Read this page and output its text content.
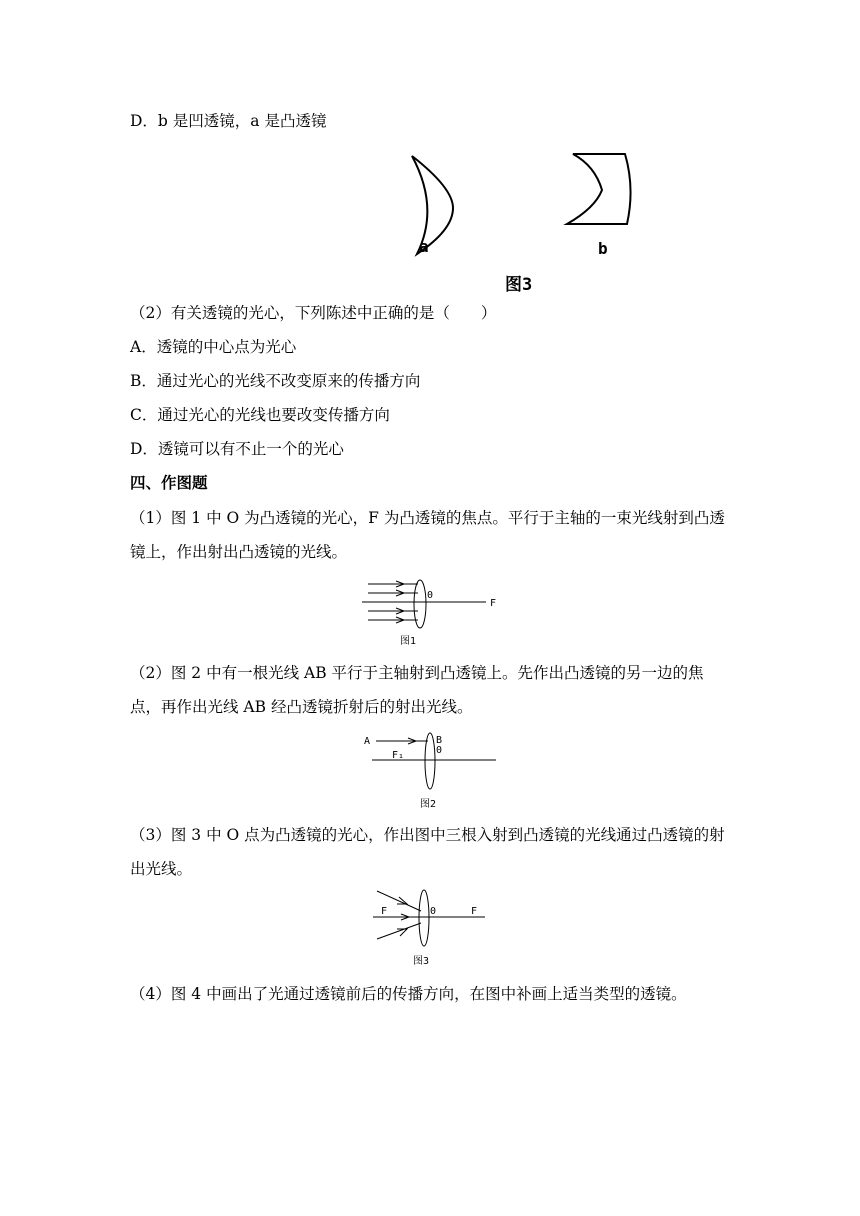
D．b 是凹透镜，a 是凸透镜
a	b
图3
（2）有关透镜的光心，下列陈述中正确的是（　　）
A．透镜的中心点为光心
B．通过光心的光线不改变原来的传播方向
C．通过光心的光线也要改变传播方向
D．透镜可以有不止一个的光心
四、作图题
（1）图 1 中 O 为凸透镜的光心，F 为凸透镜的焦点。平行于主轴的一束光线射到凸透镜上，作出射出凸透镜的光线。
0
F
图1
（2）图 2 中有一根光线 AB 平行于主轴射到凸透镜上。先作出凸透镜的另一边的焦点，再作出光线 AB 经凸透镜折射后的射出光线。
A	B
0
F₁
图2
（3）图 3 中 O 点为凸透镜的光心，作出图中三根入射到凸透镜的光线通过凸透镜的射出光线。
F	0	F
图3
（4）图 4 中画出了光通过透镜前后的传播方向，在图中补画上适当类型的透镜。
